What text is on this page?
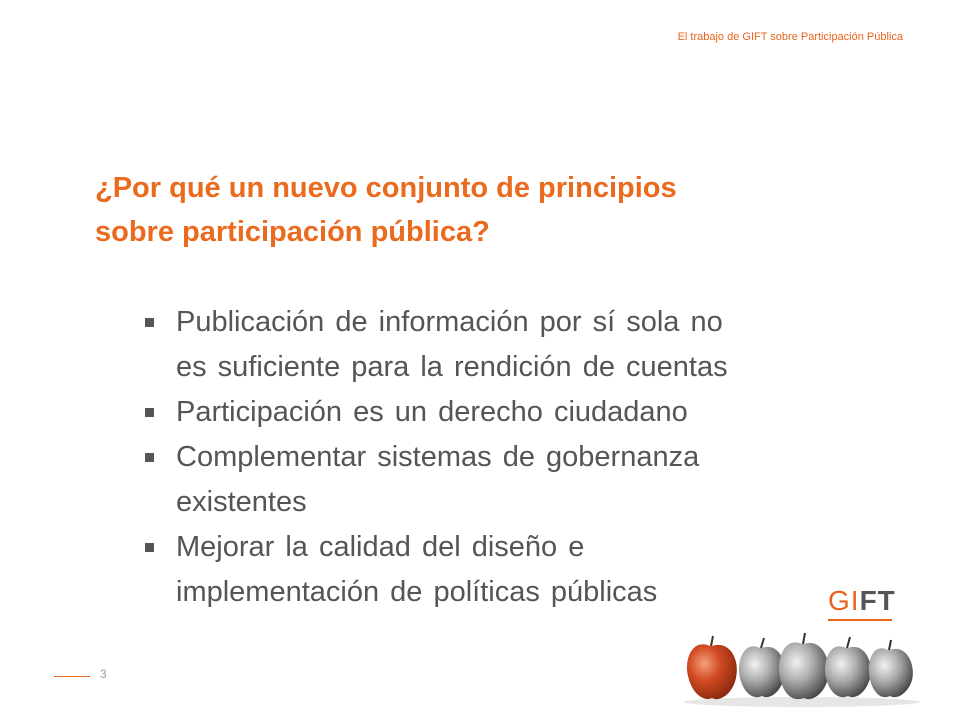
El trabajo de GIFT sobre Participación Pública
¿Por qué un nuevo conjunto de principios
sobre participación pública?
Publicación de información por sí sola no
es suficiente para la rendición de cuentas
Participación es un derecho ciudadano
Complementar sistemas de gobernanza
existentes
Mejorar la calidad del diseño e
implementación de políticas públicas	GIFT
3
